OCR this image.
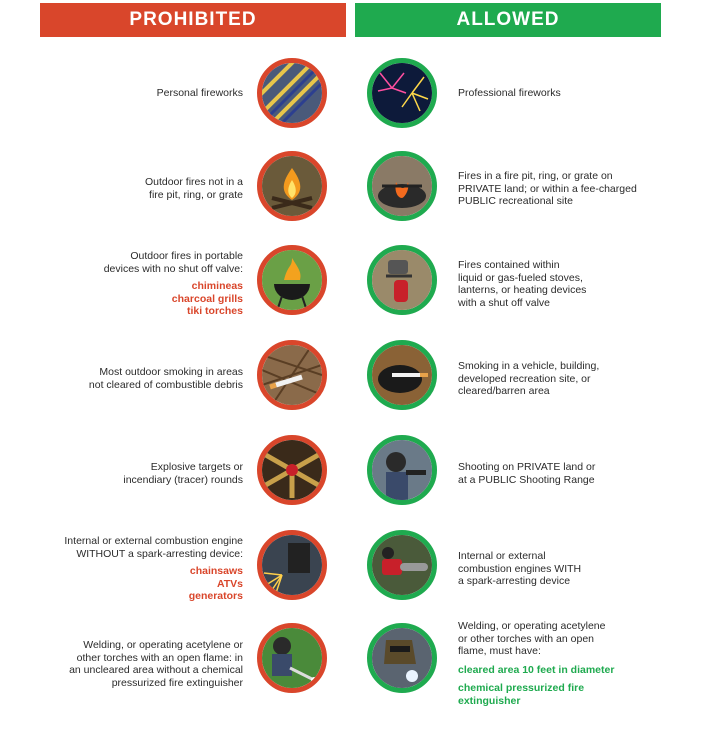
PROHIBITED	ALLOWED
Personal fireworks	Professional fireworks
Outdoor fires not in a
fire pit, ring, or grate
Fires in a fire pit, ring, or grate on
PRIVATE land; or within a fee-charged
PUBLIC recreational site
Outdoor fires in portable
devices with no shut off valve:
chimineas
charcoal grills
tiki torches
Fires contained within
liquid or gas-fueled stoves,
lanterns, or heating devices
with a shut off valve
Most outdoor smoking in areas
not cleared of combustible debris
Smoking in a vehicle, building,
developed recreation site, or
cleared/barren area
Explosive targets or
incendiary (tracer) rounds
Shooting on PRIVATE land or
at a PUBLIC Shooting Range
Internal or external combustion engine
WITHOUT a spark-arresting device:
chainsaws
ATVs
generators
Internal or external
combustion engines WITH
a spark-arresting device
Welding, or operating acetylene or
other torches with an open flame: in
an uncleared area without a chemical
pressurized fire extinguisher
Welding, or operating acetylene
or other torches with an open
flame, must have:
cleared area 10 feet in diameter
chemical pressurized fire extinguisher
